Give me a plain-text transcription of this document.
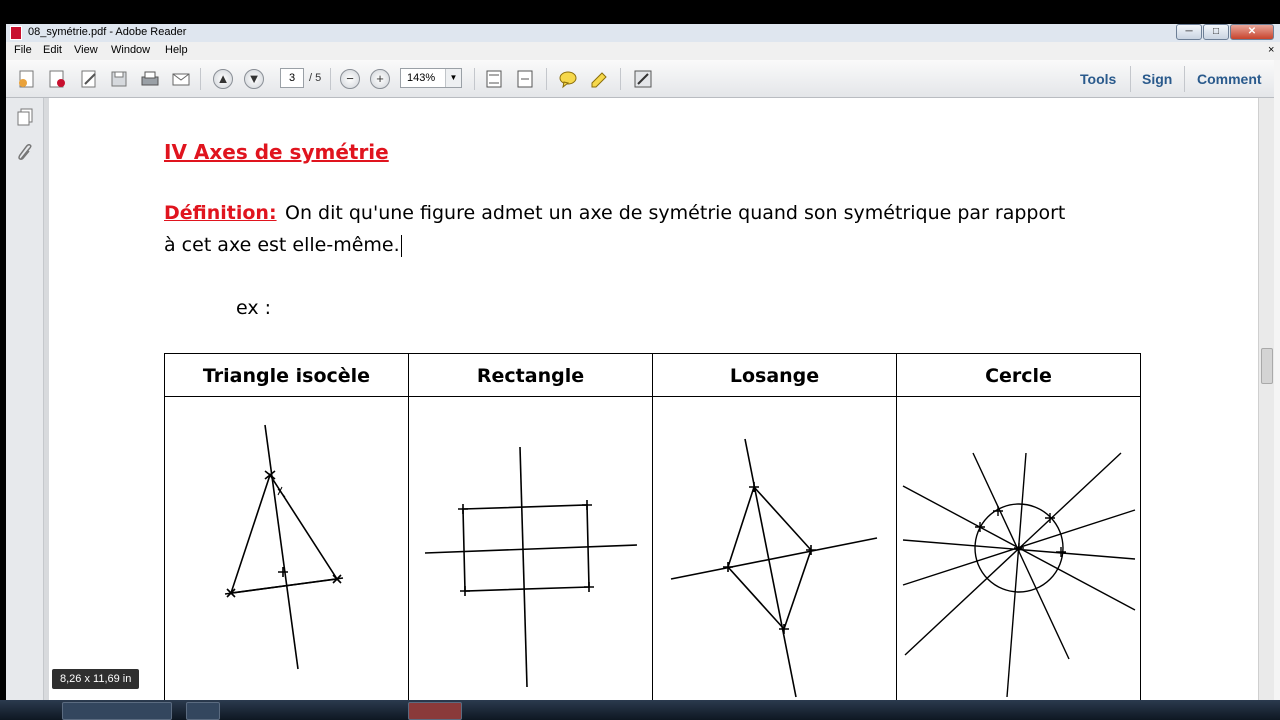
08_symétrie.pdf - Adobe Reader	─	□	✕
File Edit View Window Help	×
▲ ▼	3	/ 5	−	+	143%	▼	Tools Sign Comment
IV Axes de symétrie
Définition: On dit qu'une figure admet un axe de symétrie quand son symétrique par rapport
à cet axe est elle-même.
ex :
Triangle isocèle	Rectangle	Losange	Cercle
8,26 x 11,69 in
